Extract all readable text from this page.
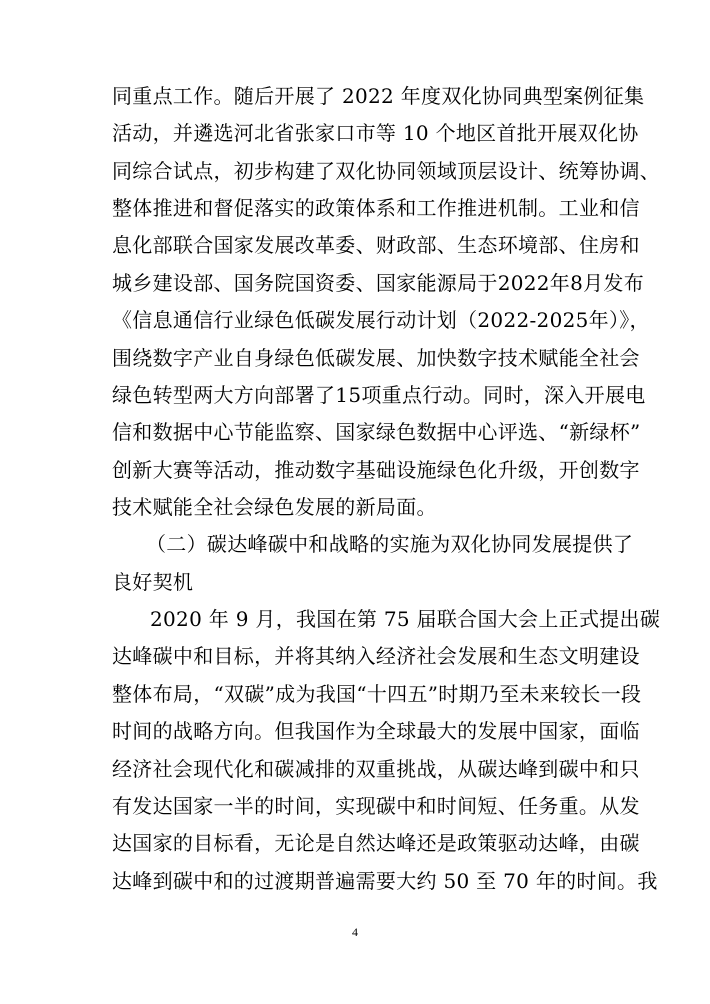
同重点工作。随后开展了 2022 年度双化协同典型案例征集
活动，并遴选河北省张家口市等 10 个地区首批开展双化协
同综合试点，初步构建了双化协同领域顶层设计、统筹协调、
整体推进和督促落实的政策体系和工作推进机制。工业和信
息化部联合国家发展改革委、财政部、生态环境部、住房和
城乡建设部、国务院国资委、国家能源局于2022年8月发布
《信息通信行业绿色低碳发展行动计划（2022-2025年）》，
围绕数字产业自身绿色低碳发展、加快数字技术赋能全社会
绿色转型两大方向部署了15项重点行动。同时，深入开展电
信和数据中心节能监察、国家绿色数据中心评选、“新绿杯”
创新大赛等活动，推动数字基础设施绿色化升级，开创数字
技术赋能全社会绿色发展的新局面。
（二）碳达峰碳中和战略的实施为双化协同发展提供了
良好契机
2020 年 9 月，我国在第 75 届联合国大会上正式提出碳
达峰碳中和目标，并将其纳入经济社会发展和生态文明建设
整体布局，“双碳”成为我国“十四五”时期乃至未来较长一段
时间的战略方向。但我国作为全球最大的发展中国家，面临
经济社会现代化和碳减排的双重挑战，从碳达峰到碳中和只
有发达国家一半的时间，实现碳中和时间短、任务重。从发
达国家的目标看，无论是自然达峰还是政策驱动达峰，由碳
达峰到碳中和的过渡期普遍需要大约 50 至 70 年的时间。我
4
